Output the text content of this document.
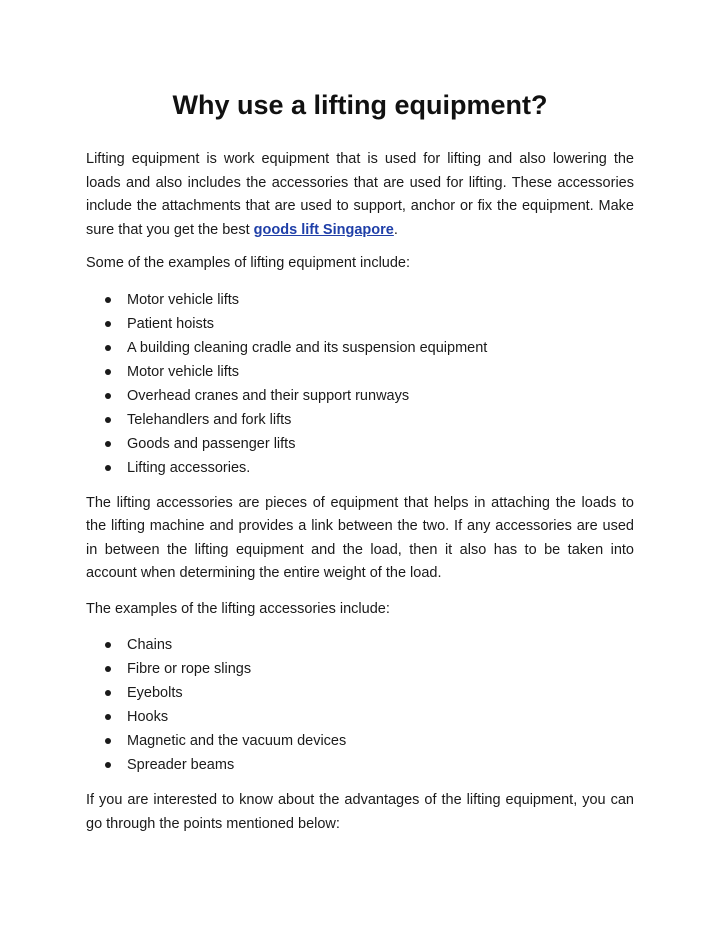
Why use a lifting equipment?

Lifting equipment is work equipment that is used for lifting and also lowering the loads and also includes the accessories that are used for lifting. These accessories include the attachments that are used to support, anchor or fix the equipment. Make sure that you get the best goods lift Singapore.

Some of the examples of lifting equipment include:

Motor vehicle lifts
Patient hoists
A building cleaning cradle and its suspension equipment
Motor vehicle lifts
Overhead cranes and their support runways
Telehandlers and fork lifts
Goods and passenger lifts
Lifting accessories.

The lifting accessories are pieces of equipment that helps in attaching the loads to the lifting machine and provides a link between the two. If any accessories are used in between the lifting equipment and the load, then it also has to be taken into account when determining the entire weight of the load.

The examples of the lifting accessories include:

Chains
Fibre or rope slings
Eyebolts
Hooks
Magnetic and the vacuum devices
Spreader beams

If you are interested to know about the advantages of the lifting equipment, you can go through the points mentioned below:
